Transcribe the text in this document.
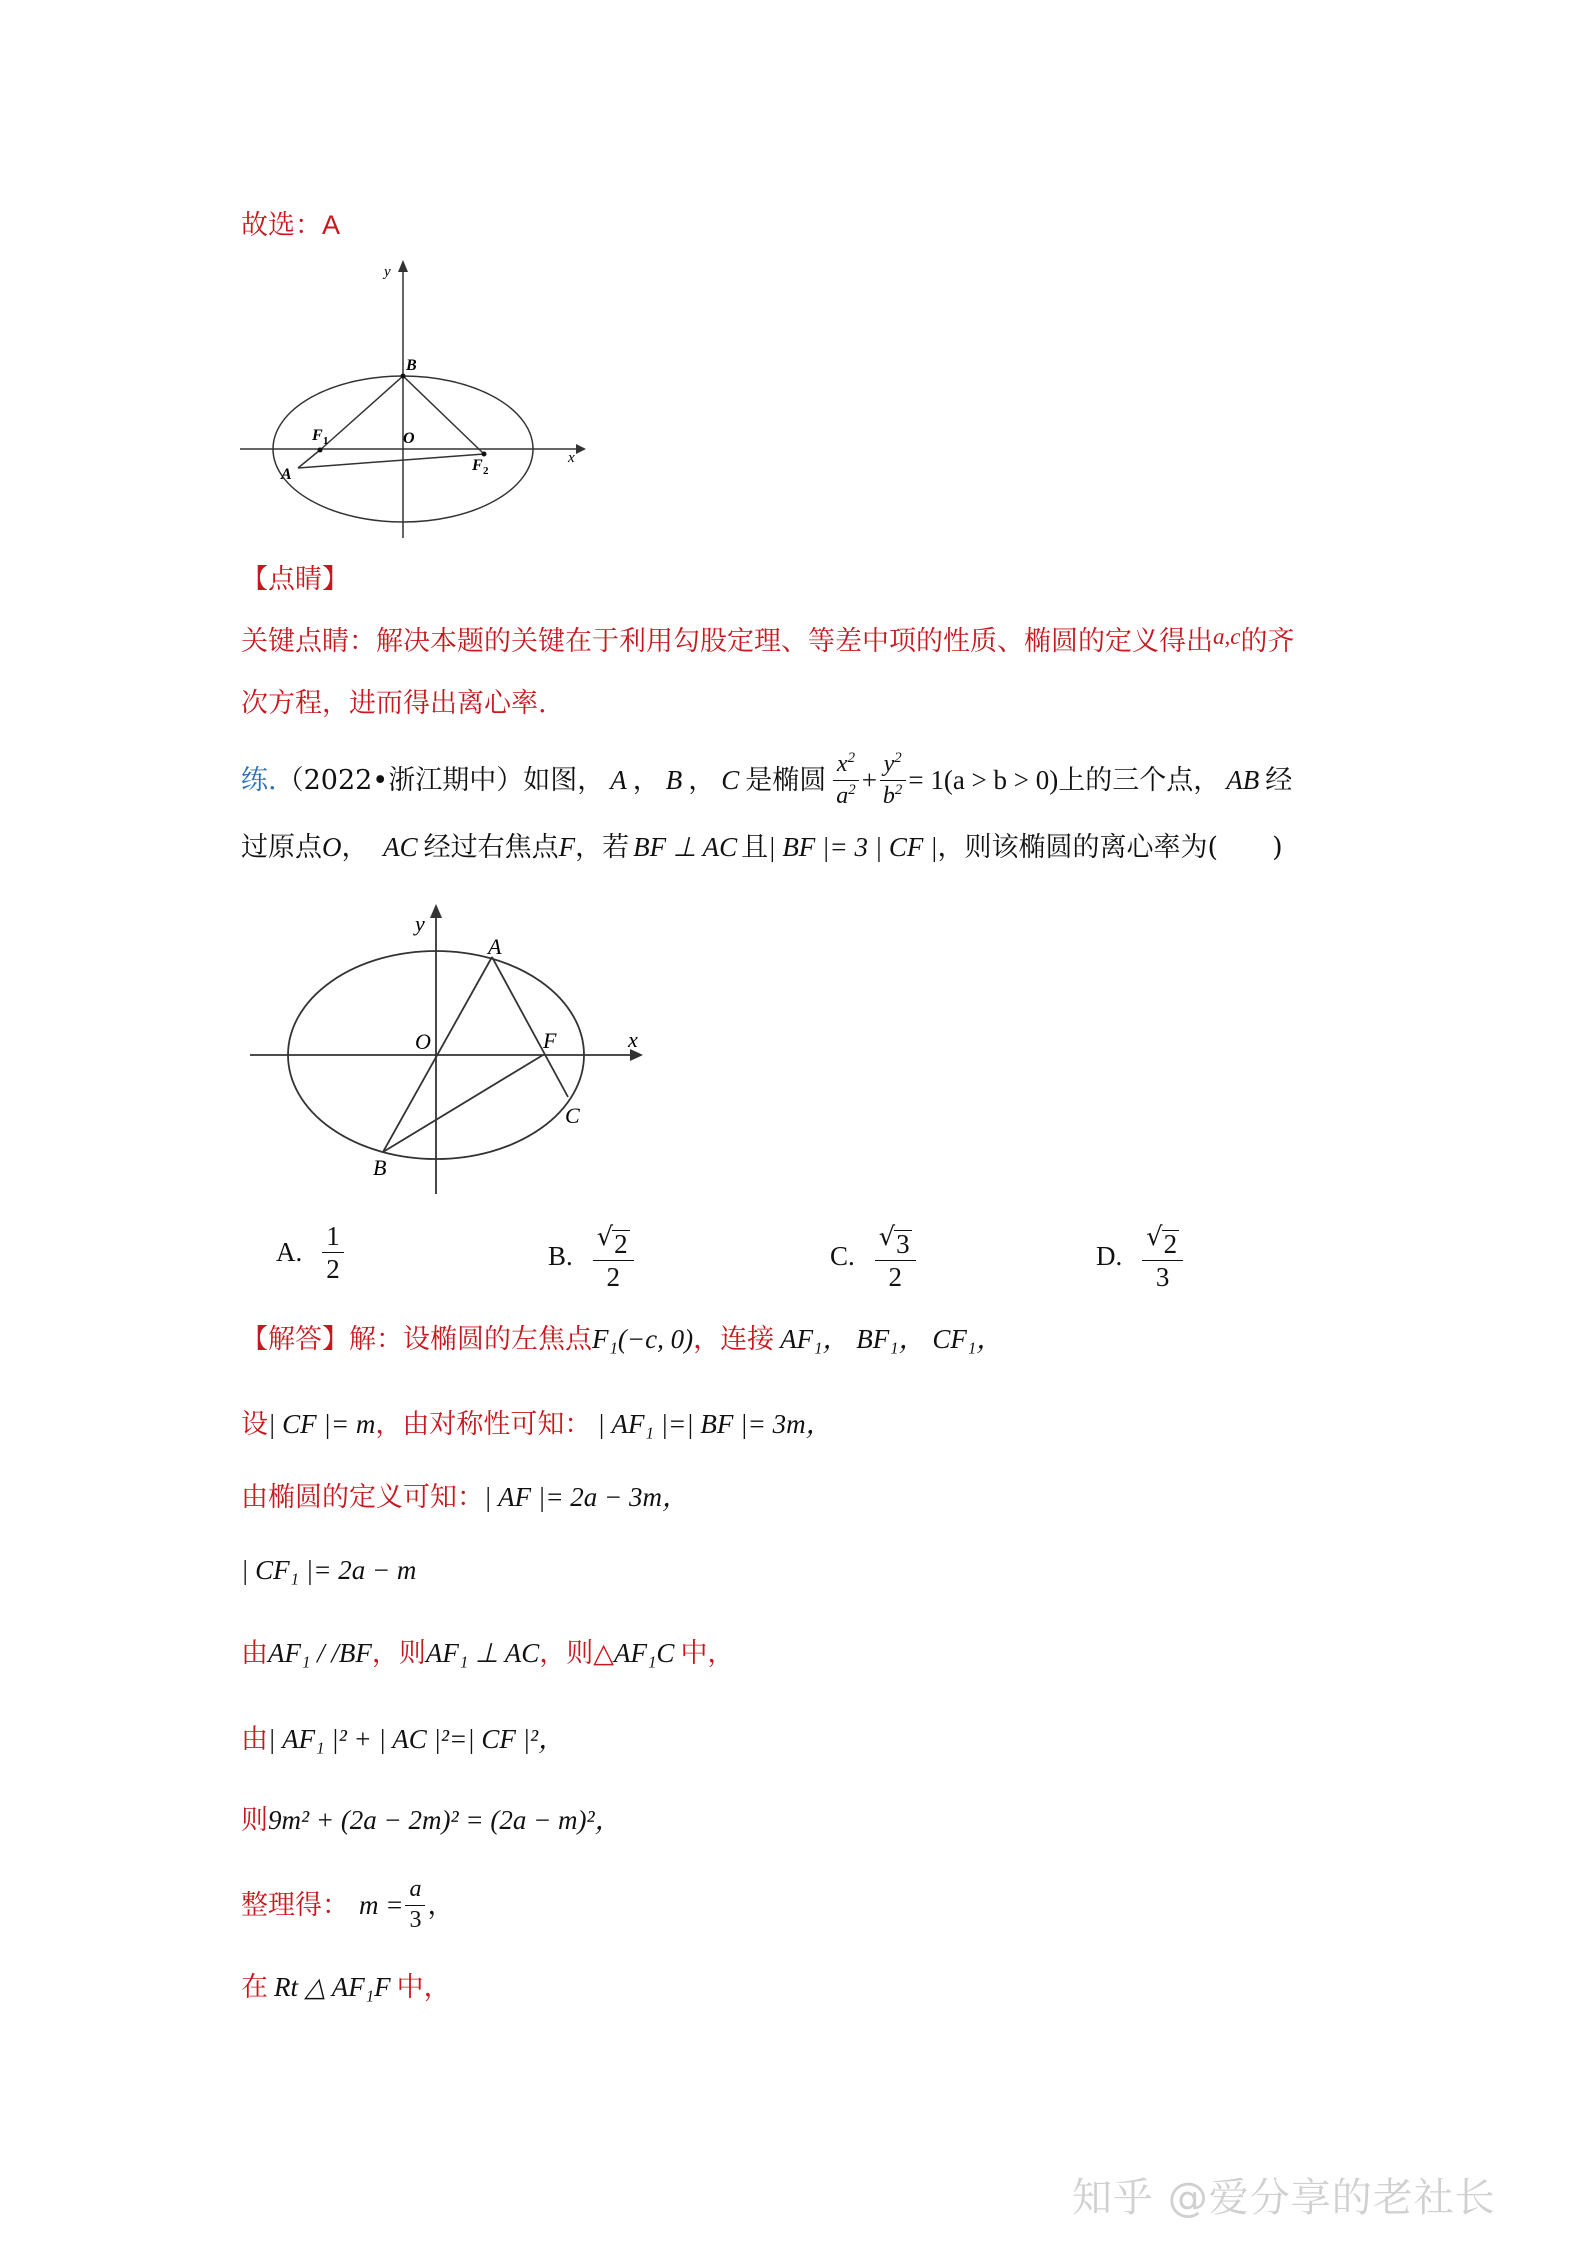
故选：A
y
x
B
O
F 1
F 2
A
【点睛】
关键点睛：解决本题的关键在于利用勾股定理、等差中项的性质、椭圆的定义得出a,c的齐
次方程，进而得出离心率.
练. （2022•浙江期中）如图， A ， B ， C 是椭圆 $\frac{x^2}{a^2} + \frac{y^2}{b^2} = 1(a > b > 0)$ 上的三个点， AB 经
过原点O， AC 经过右焦点F，若 BF ⊥ AC 且| BF |= 3 | CF |，则该椭圆的离心率为(　　)
y
x
A
O	F
C
B
A. $\frac{1}{2}$	B. $\frac{√ 2}{2}$	C. $\frac{√ 3}{2}$	D. $\frac{√ 2}{3}$
【解答】解：设椭圆的左焦点F₁(−c, 0)，连接 AF₁， BF₁， CF₁，
设| CF |= m，由对称性可知： | AF₁ |=| BF |= 3m，
由椭圆的定义可知：| AF |= 2a − 3m，
| CF₁ |= 2a − m
由AF₁ / /BF，则AF₁ ⊥ AC，则△AF₁C 中，
由| AF₁ |² + | AC |²=| CF |²，
则9m² + (2a − 2m)² = (2a − m)²，
整理得： $m = \frac{a}{3}$ ，
在 Rt △ AF₁F 中，
知乎 @爱分享的老社长
